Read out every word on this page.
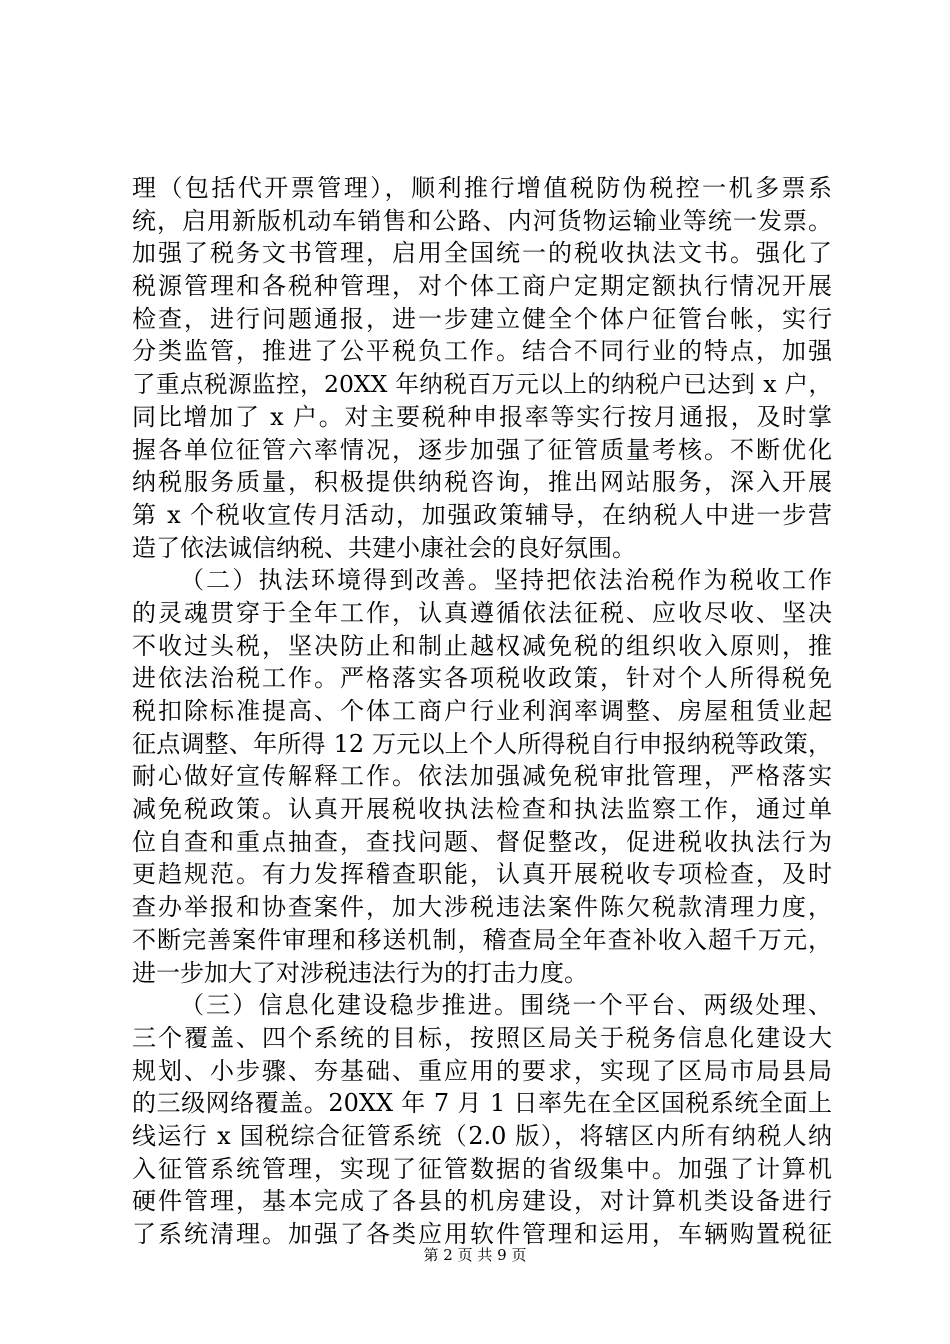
理（包括代开票管理），顺利推行增值税防伪税控一机多票系
统，启用新版机动车销售和公路、内河货物运输业等统一发票。
加强了税务文书管理，启用全国统一的税收执法文书。强化了
税源管理和各税种管理，对个体工商户定期定额执行情况开展
检查，进行问题通报，进一步建立健全个体户征管台帐，实行
分类监管，推进了公平税负工作。结合不同行业的特点，加强
了重点税源监控，20XX 年纳税百万元以上的纳税户已达到 x 户，
同比增加了 x 户。对主要税种申报率等实行按月通报，及时掌
握各单位征管六率情况，逐步加强了征管质量考核。不断优化
纳税服务质量，积极提供纳税咨询，推出网站服务，深入开展
第 x 个税收宣传月活动，加强政策辅导，在纳税人中进一步营
造了依法诚信纳税、共建小康社会的良好氛围。
（二）执法环境得到改善。坚持把依法治税作为税收工作
的灵魂贯穿于全年工作，认真遵循依法征税、应收尽收、坚决
不收过头税，坚决防止和制止越权减免税的组织收入原则，推
进依法治税工作。严格落实各项税收政策，针对个人所得税免
税扣除标准提高、个体工商户行业利润率调整、房屋租赁业起
征点调整、年所得 12 万元以上个人所得税自行申报纳税等政策，
耐心做好宣传解释工作。依法加强减免税审批管理，严格落实
减免税政策。认真开展税收执法检查和执法监察工作，通过单
位自查和重点抽查，查找问题、督促整改，促进税收执法行为
更趋规范。有力发挥稽查职能，认真开展税收专项检查，及时
查办举报和协查案件，加大涉税违法案件陈欠税款清理力度，
不断完善案件审理和移送机制，稽查局全年查补收入超千万元，
进一步加大了对涉税违法行为的打击力度。
（三）信息化建设稳步推进。围绕一个平台、两级处理、
三个覆盖、四个系统的目标，按照区局关于税务信息化建设大
规划、小步骤、夯基础、重应用的要求，实现了区局市局县局
的三级网络覆盖。20XX 年 7 月 1 日率先在全区国税系统全面上
线运行 x 国税综合征管系统（2.0 版），将辖区内所有纳税人纳
入征管系统管理，实现了征管数据的省级集中。加强了计算机
硬件管理，基本完成了各县的机房建设，对计算机类设备进行
了系统清理。加强了各类应用软件管理和运用，车辆购置税征
第 2 页 共 9 页
